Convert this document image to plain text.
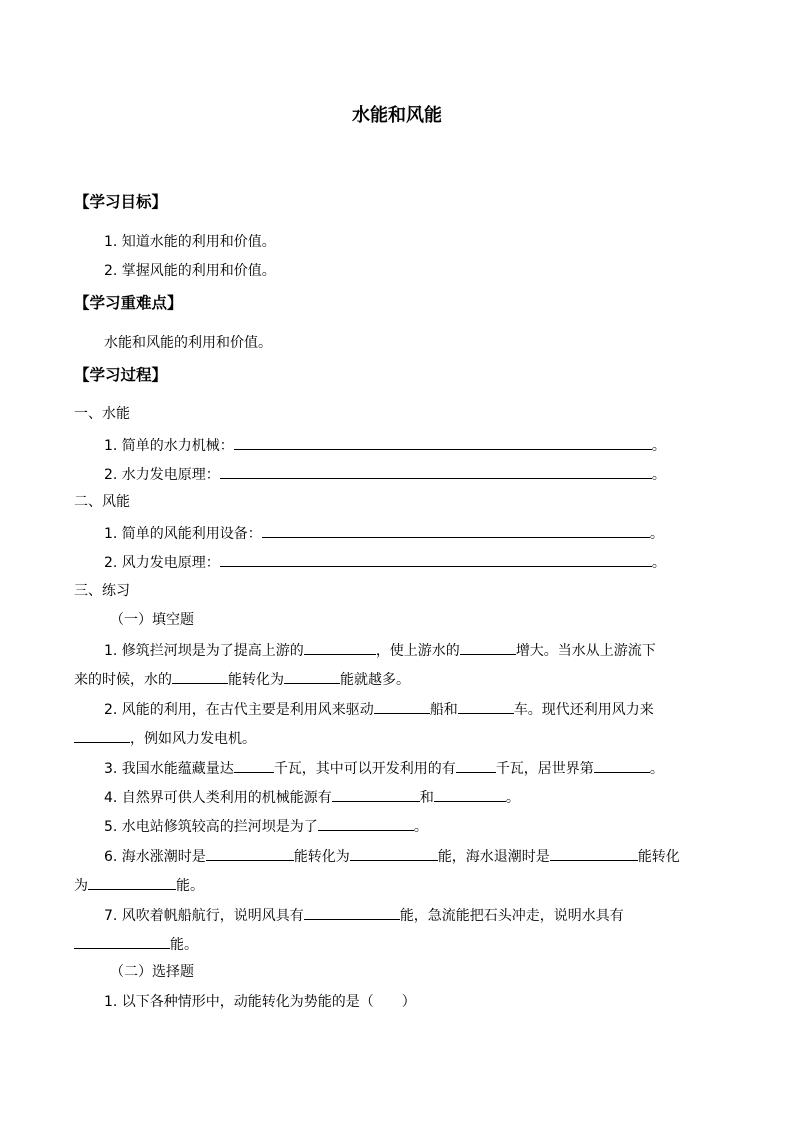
水能和风能
【学习目标】
1. 知道水能的利用和价值。
2. 掌握风能的利用和价值。
【学习重难点】
水能和风能的利用和价值。
【学习过程】
一、水能
1. 简单的水力机械：	。
2. 水力发电原理：	。
二、风能
1. 简单的风能利用设备：	。
2. 风力发电原理：	。
三、练习
（一）填空题
1. 修筑拦河坝是为了提高上游的	，使上游水的	增大。当水从上游流下
来的时候，水的	能转化为	能就越多。
2. 风能的利用，在古代主要是利用风来驱动	船和	车。现代还利用风力来
，例如风力发电机。
3. 我国水能蕴藏量达	千瓦，其中可以开发利用的有	千瓦，居世界第	。
4. 自然界可供人类利用的机械能源有	和	。
5. 水电站修筑较高的拦河坝是为了	。
6. 海水涨潮时是	能转化为	能，海水退潮时是	能转化
为	能。
7. 风吹着帆船航行，说明风具有	能，急流能把石头冲走，说明水具有
能。
（二）选择题
1. 以下各种情形中，动能转化为势能的是（　　）
